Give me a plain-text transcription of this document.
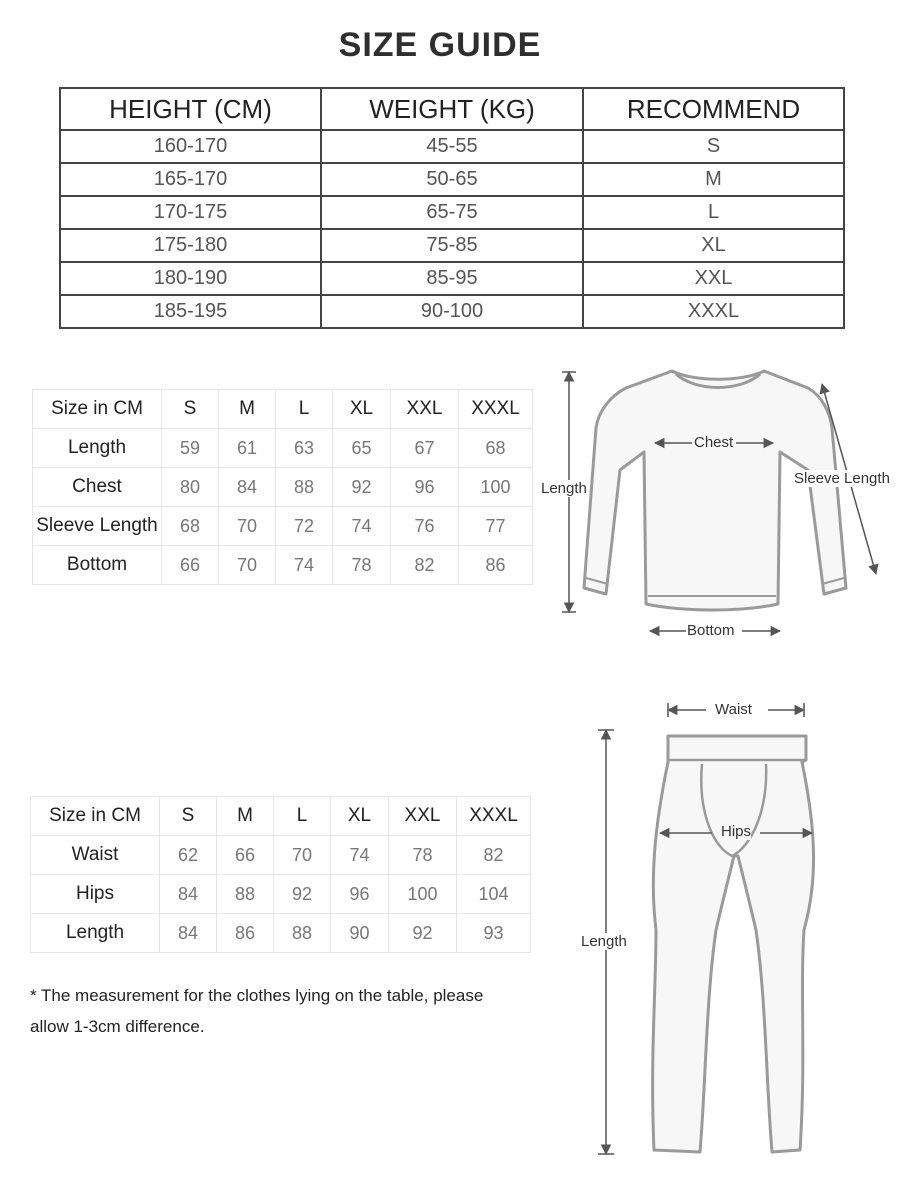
SIZE GUIDE
HEIGHT (CM)	WEIGHT (KG)	RECOMMEND
160-170	45-55	S
165-170	50-65	M
170-175	65-75	L
175-180	75-85	XL
180-190	85-95	XXL
185-195	90-100	XXXL
Size in CM	S	M	L	XL	XXL	XXXL
Length	59	61	63	65	67	68
Chest	80	84	88	92	96	100
Sleeve Length	68	70	72	74	76	77
Bottom	66	70	74	78	82	86
Size in CM	S	M	L	XL	XXL	XXXL
Waist	62	66	70	74	78	82
Hips	84	88	92	96	100	104
Length	84	86	88	90	92	93
* The measurement for the clothes lying on the table, please
allow 1-3cm difference.
Chest
Length
Sleeve Length
Bottom
Waist
Hips
Length
